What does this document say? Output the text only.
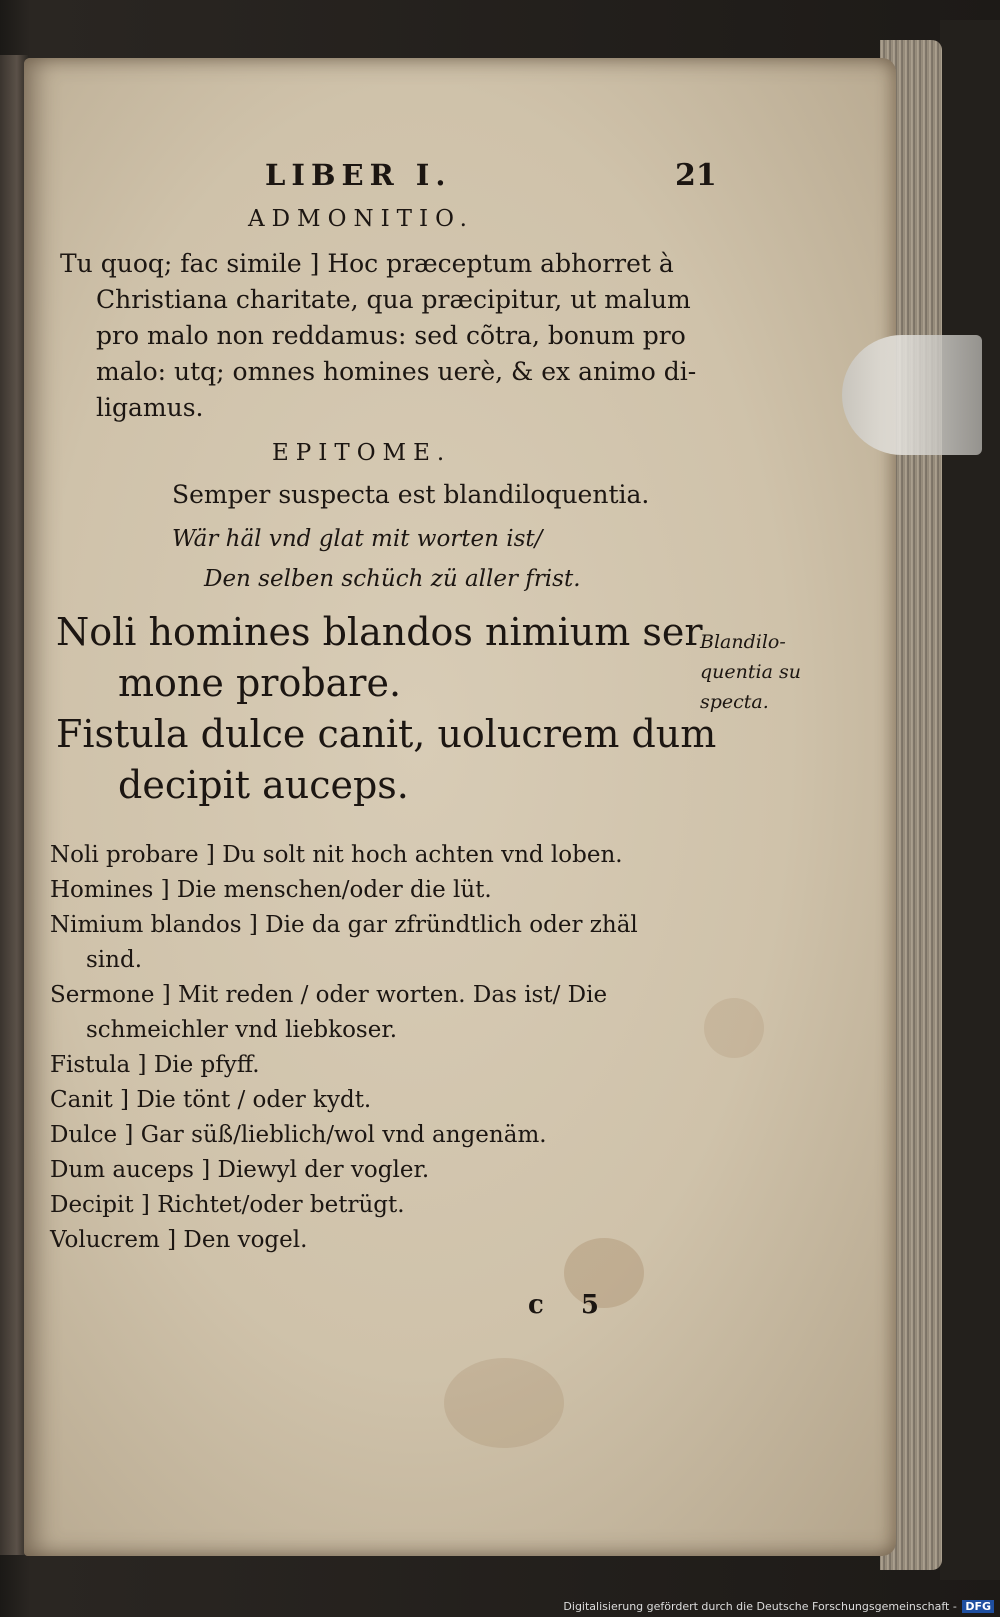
LIBER I.	21
ADMONITIO.
Tu quoq; fac simile ] Hoc præceptum abhorret à
Christiana charitate, qua præcipitur, ut malum
pro malo non reddamus: sed cõtra, bonum pro
malo: utq; omnes homines uerè, & ex animo di-
ligamus.
EPITOME.
Semper suspecta est blandiloquentia.
Wär häl vnd glat mit worten ist/
Den selben schüch zü aller frist.
Noli homines blandos nimium ser
mone probare.
Fistula dulce canit, uolucrem dum
decipit auceps.
Blandilo-
quentia su
specta.
Noli probare ] Du solt nit hoch achten vnd loben.
Homines ] Die menschen/oder die lüt.
Nimium blandos ] Die da gar zfründtlich oder zhäl
sind.
Sermone ] Mit reden / oder worten. Das ist/ Die
schmeichler vnd liebkoser.
Fistula ] Die pfyff.
Canit ] Die tönt / oder kydt.
Dulce ] Gar süß/lieblich/wol vnd angenäm.
Dum auceps ] Diewyl der vogler.
Decipit ] Richtet/oder betrügt.
Volucrem ] Den vogel.
c 5
Digitalisierung gefördert durch die Deutsche Forschungsgemeinschaft - DFG
